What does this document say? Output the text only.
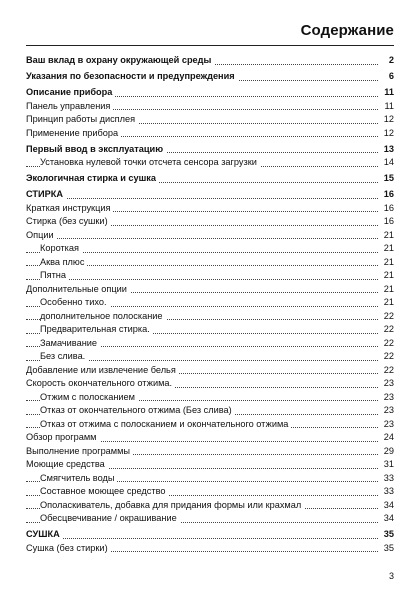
Содержание
Ваш вклад в охрану окружающей среды	2
Указания по безопасности и предупреждения	6
Описание прибора	11
Панель управления	11
Принцип работы дисплея	12
Применение прибора	12
Первый ввод в эксплуатацию	13
Установка нулевой точки отсчета сенсора загрузки	14
Экологичная стирка и сушка	15
СТИРКА	16
Краткая инструкция	16
Стирка (без сушки)	16
Опции	21
Короткая	21
Аква плюс	21
Пятна	21
Дополнительные опции	21
Особенно тихо.	21
дополнительное полоскание	22
Предварительная стирка.	22
Замачивание	22
Без слива.	22
Добавление или извлечение белья	22
Скорость окончательного отжима.	23
Отжим с полосканием	23
Отказ от окончательного отжима (Без слива)	23
Отказ от отжима с полосканием и окончательного отжима	23
Обзор программ	24
Выполнение программы	29
Моющие средства	31
Смягчитель воды	33
Составное моющее средство	33
Ополаскиватель, добавка для придания формы или крахмал	34
Обесцвечивание / окрашивание	34
СУШКА	35
Сушка (без стирки)	35
3
